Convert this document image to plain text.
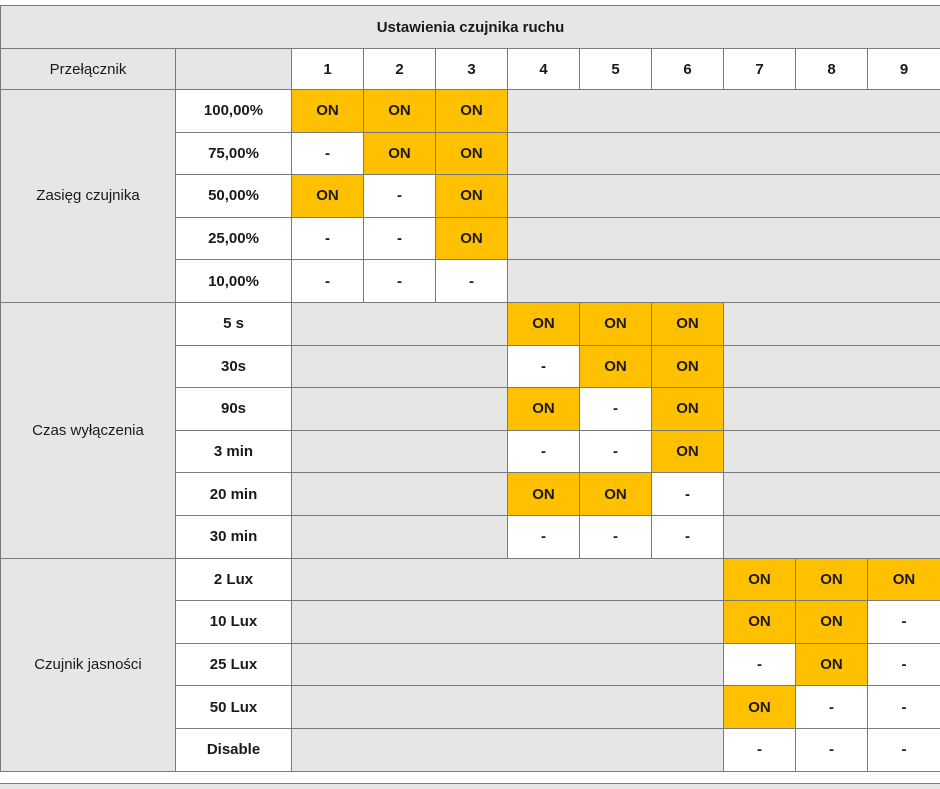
Ustawienia czujnika ruchu										
Przełącznik		1	2	3	4	5	6	7	8	9
Zasięg czujnika	100,00%	ON	ON	ON						
	75,00%	-	ON	ON						
	50,00%	ON	-	ON						
	25,00%	-	-	ON						
	10,00%	-	-	-						
Czas wyłączenia	5 s				ON	ON	ON			
	30s				-	ON	ON			
	90s				ON	-	ON			
	3 min				-	-	ON			
	20 min				ON	ON	-			
	30 min				-	-	-			
Czujnik jasności	2 Lux							ON	ON	ON
	10 Lux							ON	ON	-
	25 Lux							-	ON	-
	50 Lux							ON	-	-
	Disable							-	-	-
